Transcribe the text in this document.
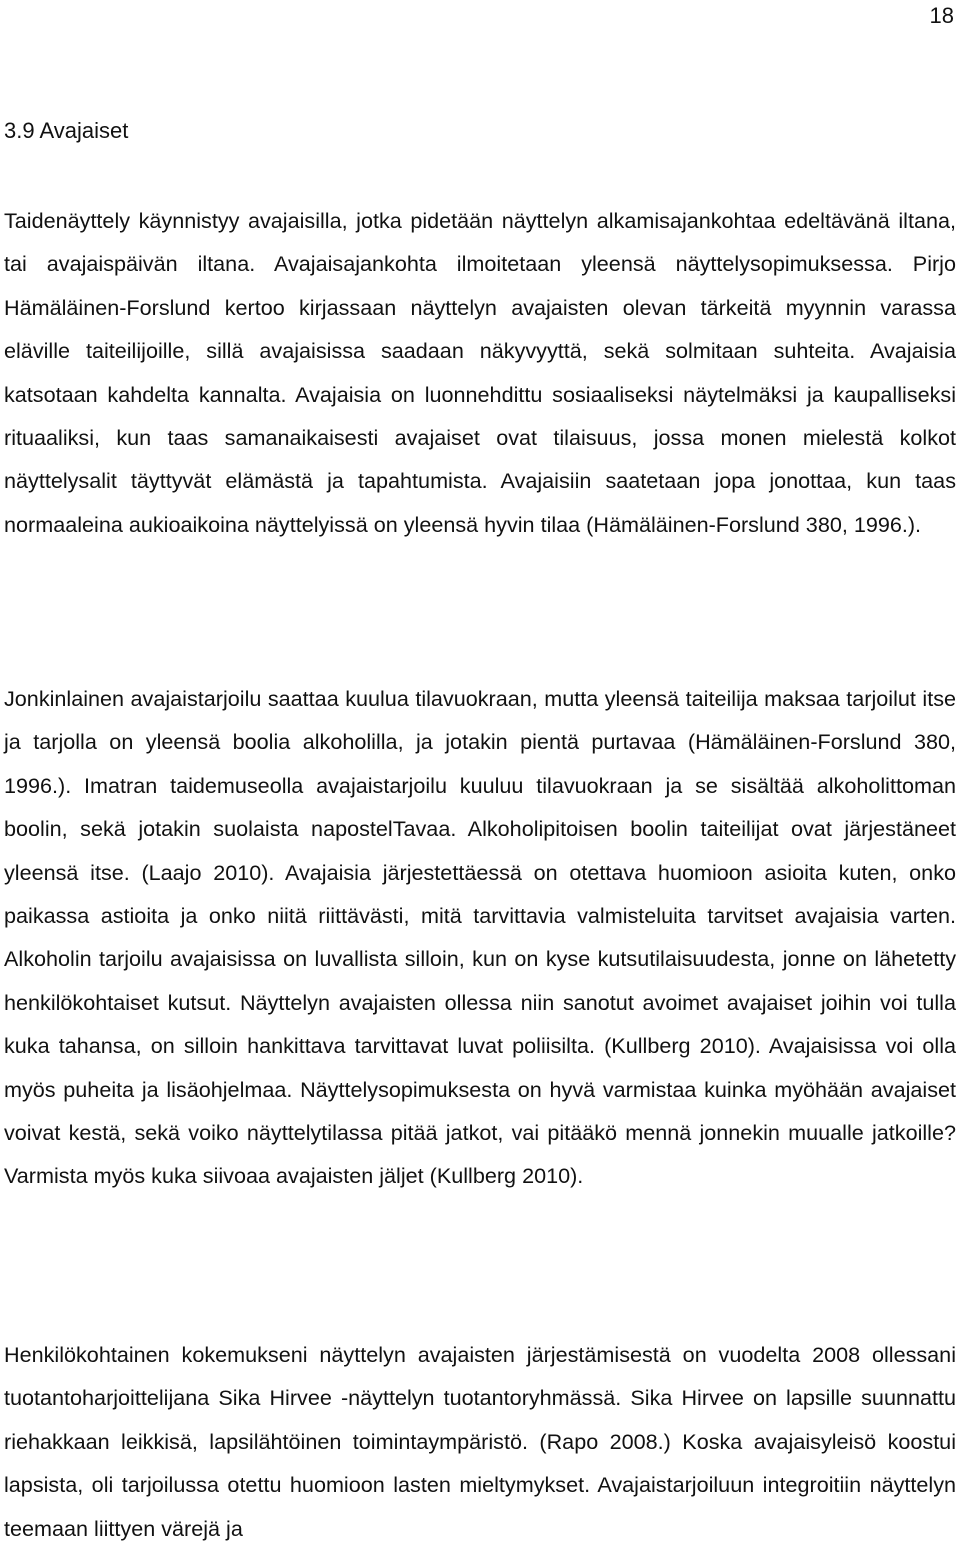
18
3.9 Avajaiset

Taidenäyttely käynnistyy avajaisilla, jotka pidetään näyttelyn alkamisajankohtaa edeltävänä iltana, tai avajaispäivän iltana. Avajaisajankohta ilmoitetaan yleensä näyttelysopimuksessa. Pirjo Hämäläinen-Forslund kertoo kirjassaan näyttelyn avajaisten olevan tärkeitä myynnin varassa eläville taiteilijoille, sillä avajaisissa saadaan näkyvyyttä, sekä solmitaan suhteita. Avajaisia katsotaan kahdelta kannalta. Avajaisia on luonnehdittu sosiaaliseksi näytelmäksi ja kaupalliseksi rituaaliksi, kun taas samanaikaisesti avajaiset ovat tilaisuus, jossa monen mielestä kolkot näyttelysalit täyttyvät elämästä ja tapahtumista. Avajaisiin saatetaan jopa jonottaa, kun taas normaaleina aukioaikoina näyttelyissä on yleensä hyvin tilaa (Hämäläinen-Forslund 380, 1996.).

Jonkinlainen avajaistarjoilu saattaa kuulua tilavuokraan, mutta yleensä taiteilija maksaa tarjoilut itse ja tarjolla on yleensä boolia alkoholilla, ja jotakin pientä purtavaa (Hämäläinen-Forslund 380, 1996.). Imatran taidemuseolla avajaistarjoilu kuuluu tilavuokraan ja se sisältää alkoholittoman boolin, sekä jotakin suolaista napostelTavaa. Alkoholipitoisen boolin taiteilijat ovat järjestäneet yleensä itse. (Laajo 2010). Avajaisia järjestettäessä on otettava huomioon asioita kuten, onko paikassa astioita ja onko niitä riittävästi, mitä tarvittavia valmisteluita tarvitset avajaisia varten. Alkoholin tarjoilu avajaisissa on luvallista silloin, kun on kyse kutsutilaisuudesta, jonne on lähetetty henkilökohtaiset kutsut. Näyttelyn avajaisten ollessa niin sanotut avoimet avajaiset joihin voi tulla kuka tahansa, on silloin hankittava tarvittavat luvat poliisilta. (Kullberg 2010). Avajaisissa voi olla myös puheita ja lisäohjelmaa. Näyttelysopimuksesta on hyvä varmistaa kuinka myöhään avajaiset voivat kestä, sekä voiko näyttelytilassa pitää jatkot, vai pitääkö mennä jonnekin muualle jatkoille? Varmista myös kuka siivoaa avajaisten jäljet (Kullberg 2010).

Henkilökohtainen kokemukseni näyttelyn avajaisten järjestämisestä on vuodelta 2008 ollessani tuotantoharjoittelijana Sika Hirvee -näyttelyn tuotantoryhmässä. Sika Hirvee on lapsille suunnattu riehakkaan leikkisä, lapsilähtöinen toimintaympäristö. (Rapo 2008.) Koska avajaisyleisö koostui lapsista, oli tarjoilussa otettu huomioon lasten mieltymykset. Avajaistarjoiluun integroitiin näyttelyn teemaan liittyen värejä ja
